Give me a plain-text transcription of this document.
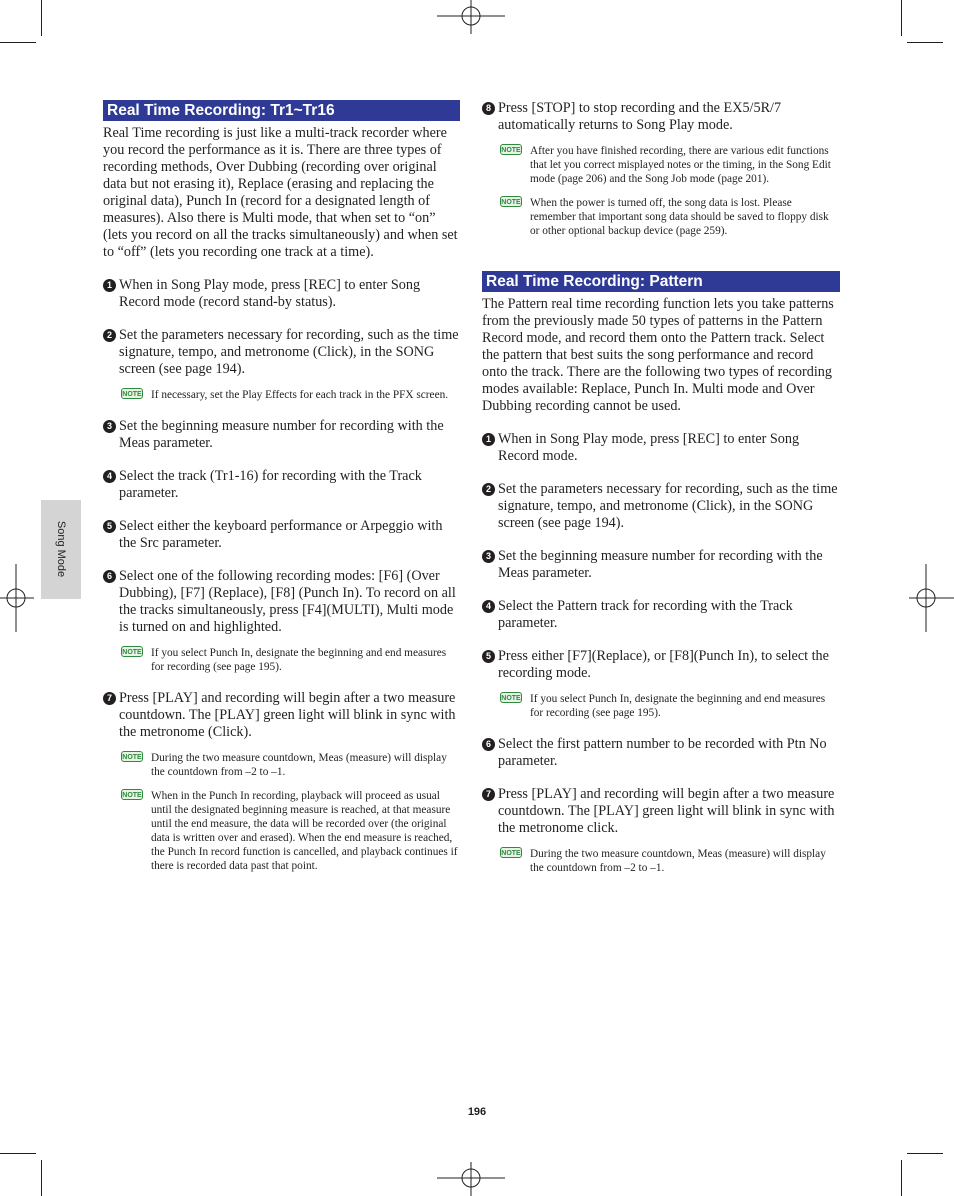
Song Mode
Real Time Recording: Tr1~Tr16
Real Time recording is just like a multi-track recorder where you record the performance as it is. There are three types of recording methods, Over Dubbing (recording over original data but not erasing it), Replace (erasing and replacing the original data), Punch In (record for a designated length of measures). Also there is Multi mode, that when set to “on” (lets you record on all the tracks simultaneously) and when set to “off” (lets you recording one track at a time).
1 When in Song Play mode, press [REC] to enter Song Record mode (record stand-by status).
2 Set the parameters necessary for recording, such as the time signature, tempo, and metronome (Click), in the SONG screen (see page 194).
NOTE If necessary, set the Play Effects for each track in the PFX screen.
3 Set the beginning measure number for recording with the Meas parameter.
4 Select the track (Tr1-16) for recording with the Track parameter.
5 Select either the keyboard performance or Arpeggio with the Src parameter.
6 Select one of the following recording modes: [F6] (Over Dubbing), [F7] (Replace), [F8] (Punch In). To record on all the tracks simultaneously, press [F4](MULTI), Multi mode is turned on and highlighted.
NOTE If you select Punch In, designate the beginning and end measures for recording (see page 195).
7 Press [PLAY] and recording will begin after a two measure countdown. The [PLAY] green light will blink in sync with the metronome (Click).
NOTE During the two measure countdown, Meas (measure) will display the countdown from –2 to –1.
NOTE When in the Punch In recording, playback will proceed as usual until the designated beginning measure is reached, at that measure until the end measure, the data will be recorded over (the original data is written over and erased). When the end measure is reached, the Punch In record function is cancelled, and playback continues if there is recorded data past that point.
8 Press [STOP] to stop recording and the EX5/5R/7 automatically returns to Song Play mode.
NOTE After you have finished recording, there are various edit functions that let you correct misplayed notes or the timing, in the Song Edit mode (page 206) and the Song Job mode (page 201).
NOTE When the power is turned off, the song data is lost. Please remember that important song data should be saved to floppy disk or other optional backup device (page 259).
Real Time Recording: Pattern
The Pattern real time recording function lets you take patterns from the previously made 50 types of patterns in the Pattern Record mode, and record them onto the Pattern track. Select the pattern that best suits the song performance and record onto the track. There are the following two types of recording modes available: Replace, Punch In. Multi mode and Over Dubbing recording cannot be used.
1 When in Song Play mode, press [REC] to enter Song Record mode.
2 Set the parameters necessary for recording, such as the time signature, tempo, and metronome (Click), in the SONG screen (see page 194).
3 Set the beginning measure number for recording with the Meas parameter.
4 Select the Pattern track for recording with the Track parameter.
5 Press either [F7](Replace), or [F8](Punch In), to select the recording mode.
NOTE If you select Punch In, designate the beginning and end measures for recording (see page 195).
6 Select the first pattern number to be recorded with Ptn No parameter.
7 Press [PLAY] and recording will begin after a two measure countdown. The [PLAY] green light will blink in sync with the metronome click.
NOTE During the two measure countdown, Meas (measure) will display the countdown from –2 to –1.
196
